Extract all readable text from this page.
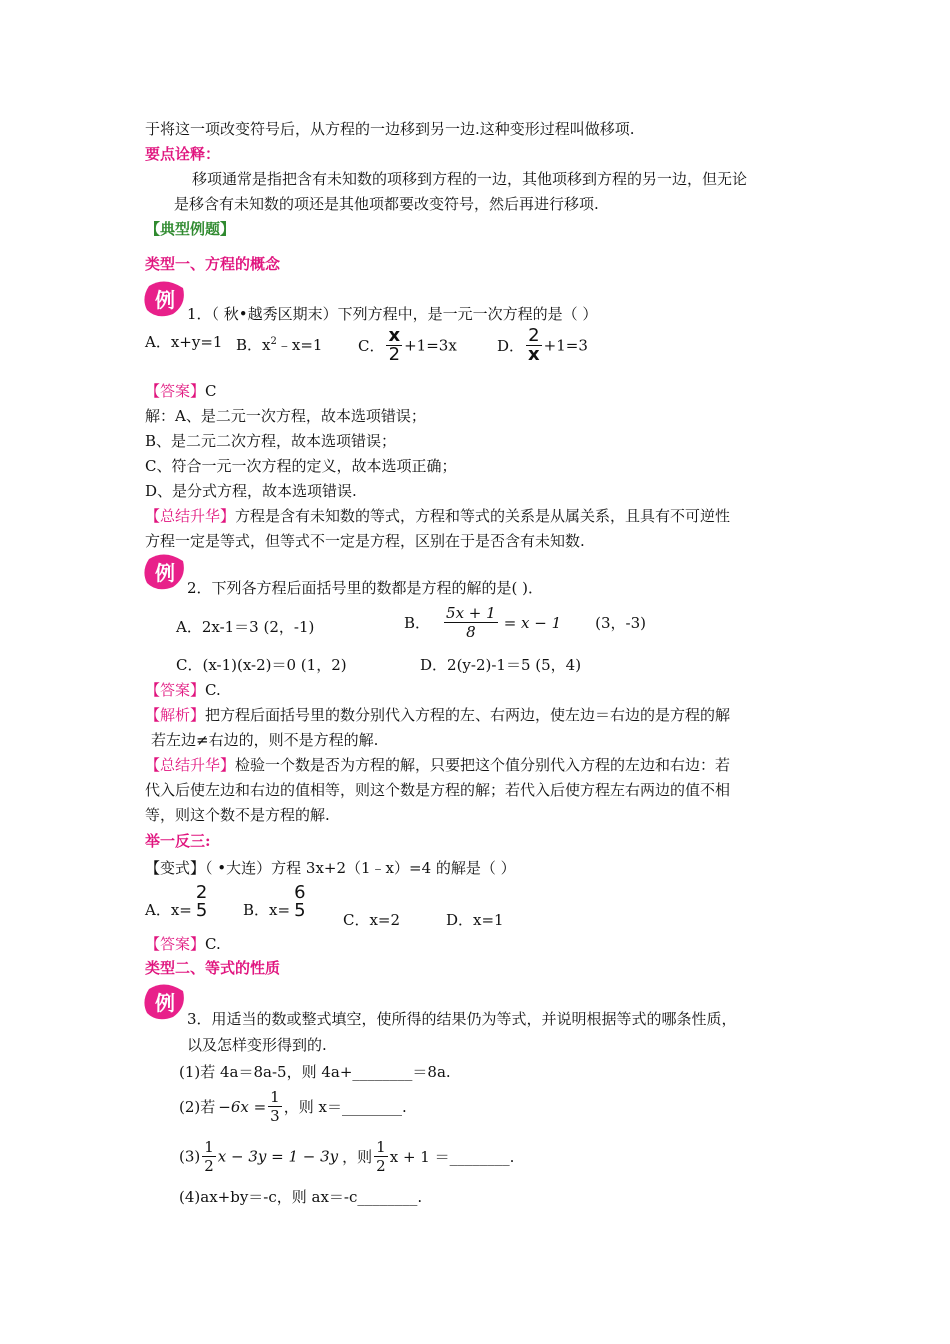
于将这一项改变符号后，从方程的一边移到另一边.这种变形过程叫做移项.
要点诠释：
移项通常是指把含有未知数的项移到方程的一边，其他项移到方程的另一边，但无论
是移含有未知数的项还是其他项都要改变符号，然后再进行移项.
【典型例题】
类型一、方程的概念
例
1．（ 秋•越秀区期末）下列方程中，是一元一次方程的是（ ）
A．x+y=1 B．$x^2﹣x=1$ C． $\frac{x}{2} +1=3x$	D． $\frac{2}{x} +1=3$
【答案】C
解：A、是二元一次方程，故本选项错误；
B、是二元二次方程，故本选项错误；
C、符合一元一次方程的定义，故本选项正确；
D、是分式方程，故本选项错误.
【总结升华】方程是含有未知数的等式，方程和等式的关系是从属关系，且具有不可逆性
方程一定是等式，但等式不一定是方程，区别在于是否含有未知数.
例
2．下列各方程后面括号里的数都是方程的解的是( )．
A．2x-1＝3 (2，-1)	B． $\frac{5x + 1}{8} = x - 1$ (3，-3)
C．(x-1)(x-2)＝0 (1，2)	D．2(y-2)-1＝5 (5，4)
【答案】C.
【解析】把方程后面括号里的数分别代入方程的左、右两边，使左边＝右边的是方程的解
若左边≠右边的，则不是方程的解.
【总结升华】检验一个数是否为方程的解，只要把这个值分别代入方程的左边和右边：若
代入后使左边和右边的值相等，则这个数是方程的解；若代入后使方程左右两边的值不相
等，则这个数不是方程的解.
举一反三:
【变式】（ •大连）方程 3x+2（1﹣x）=4 的解是（ ）
A．x=
2
5 B．x=
6
5 C．x=2	D．x=1
【答案】C.
类型二、等式的性质
例
3．用适当的数或整式填空，使所得的结果仍为等式，并说明根据等式的哪条性质，
以及怎样变形得到的.
(1)若 4a＝8a-5，则 4a+________＝8a.
(2)若 $-6x = \frac{1}{3}$ ，则 x＝________.
$(3) \frac{1}{2}$ x − 3y = 1 − 3y ，则 $\frac{1}{2}$ x + 1 ＝________.
(4)ax+by＝-c，则 ax＝-c________.
